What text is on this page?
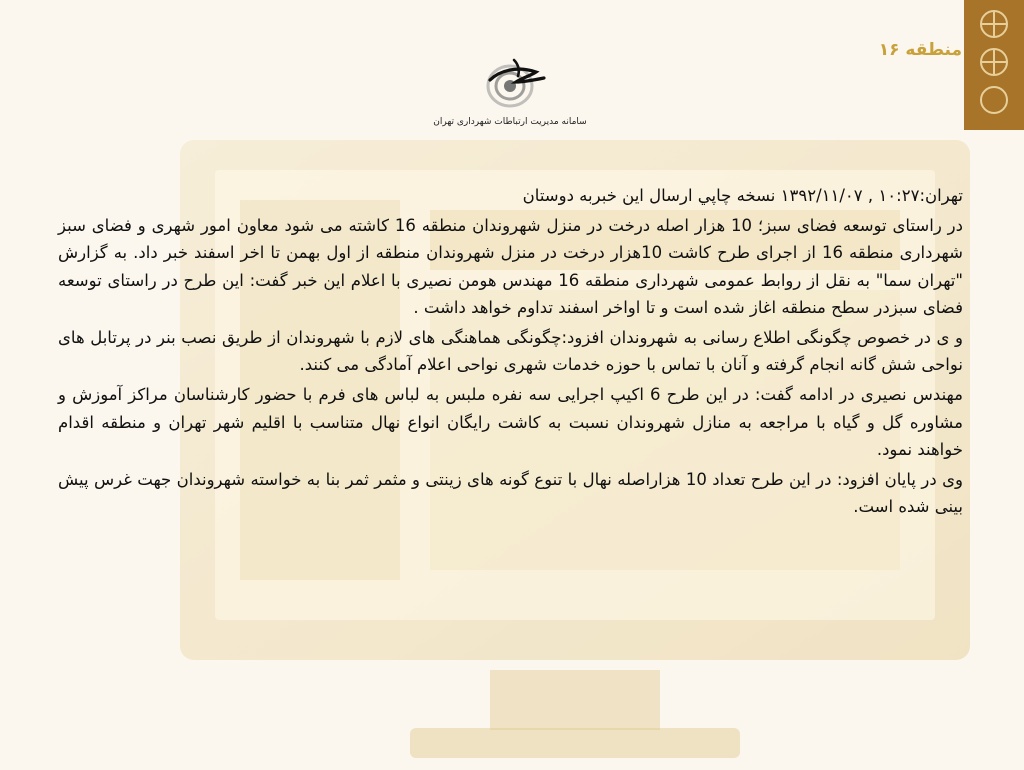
منطقه ۱۶
سامانه مدیریت ارتباطات شهرداری تهران

تهران:۱۰:۲۷ , ۱۳۹۲/۱۱/۰۷ نسخه چاپي ارسال اين خبربه دوستان

در راستای توسعه فضای سبز؛ 10 هزار اصله درخت در منزل شهروندان منطقه 16 کاشته می شود معاون امور شهری و فضای سبز شهرداری منطقه 16 از اجرای طرح کاشت 10هزار درخت در منزل شهروندان منطقه از اول بهمن تا اخر اسفند خبر داد. به گزارش "تهران سما" به نقل از روابط عمومی شهرداری منطقه 16 مهندس هومن نصیری با اعلام این خبر گفت: این طرح در راستای توسعه فضای سبزدر سطح منطقه اغاز شده است و تا اواخر اسفند تداوم خواهد داشت .

و ی در خصوص چگونگی اطلاع رسانی به شهروندان افزود:چگونگی هماهنگی های لازم با شهروندان از طریق نصب بنر در پرتابل های نواحی شش گانه انجام گرفته و آنان با تماس با حوزه خدمات شهری نواحی اعلام آمادگی می کنند.

مهندس نصیری در ادامه گفت: در این طرح 6 اکیپ اجرایی سه نفره ملبس به لباس های فرم با حضور کارشناسان مراکز آموزش و مشاوره گل و گیاه با مراجعه به منازل شهروندان نسبت به کاشت رایگان انواع نهال متناسب با اقلیم شهر تهران و منطقه اقدام خواهند نمود.

وی در پایان افزود: در این طرح تعداد 10 هزاراصله نهال با تنوع گونه های زینتی و مثمر ثمر بنا به خواسته شهروندان جهت غرس پیش بینی شده است.
